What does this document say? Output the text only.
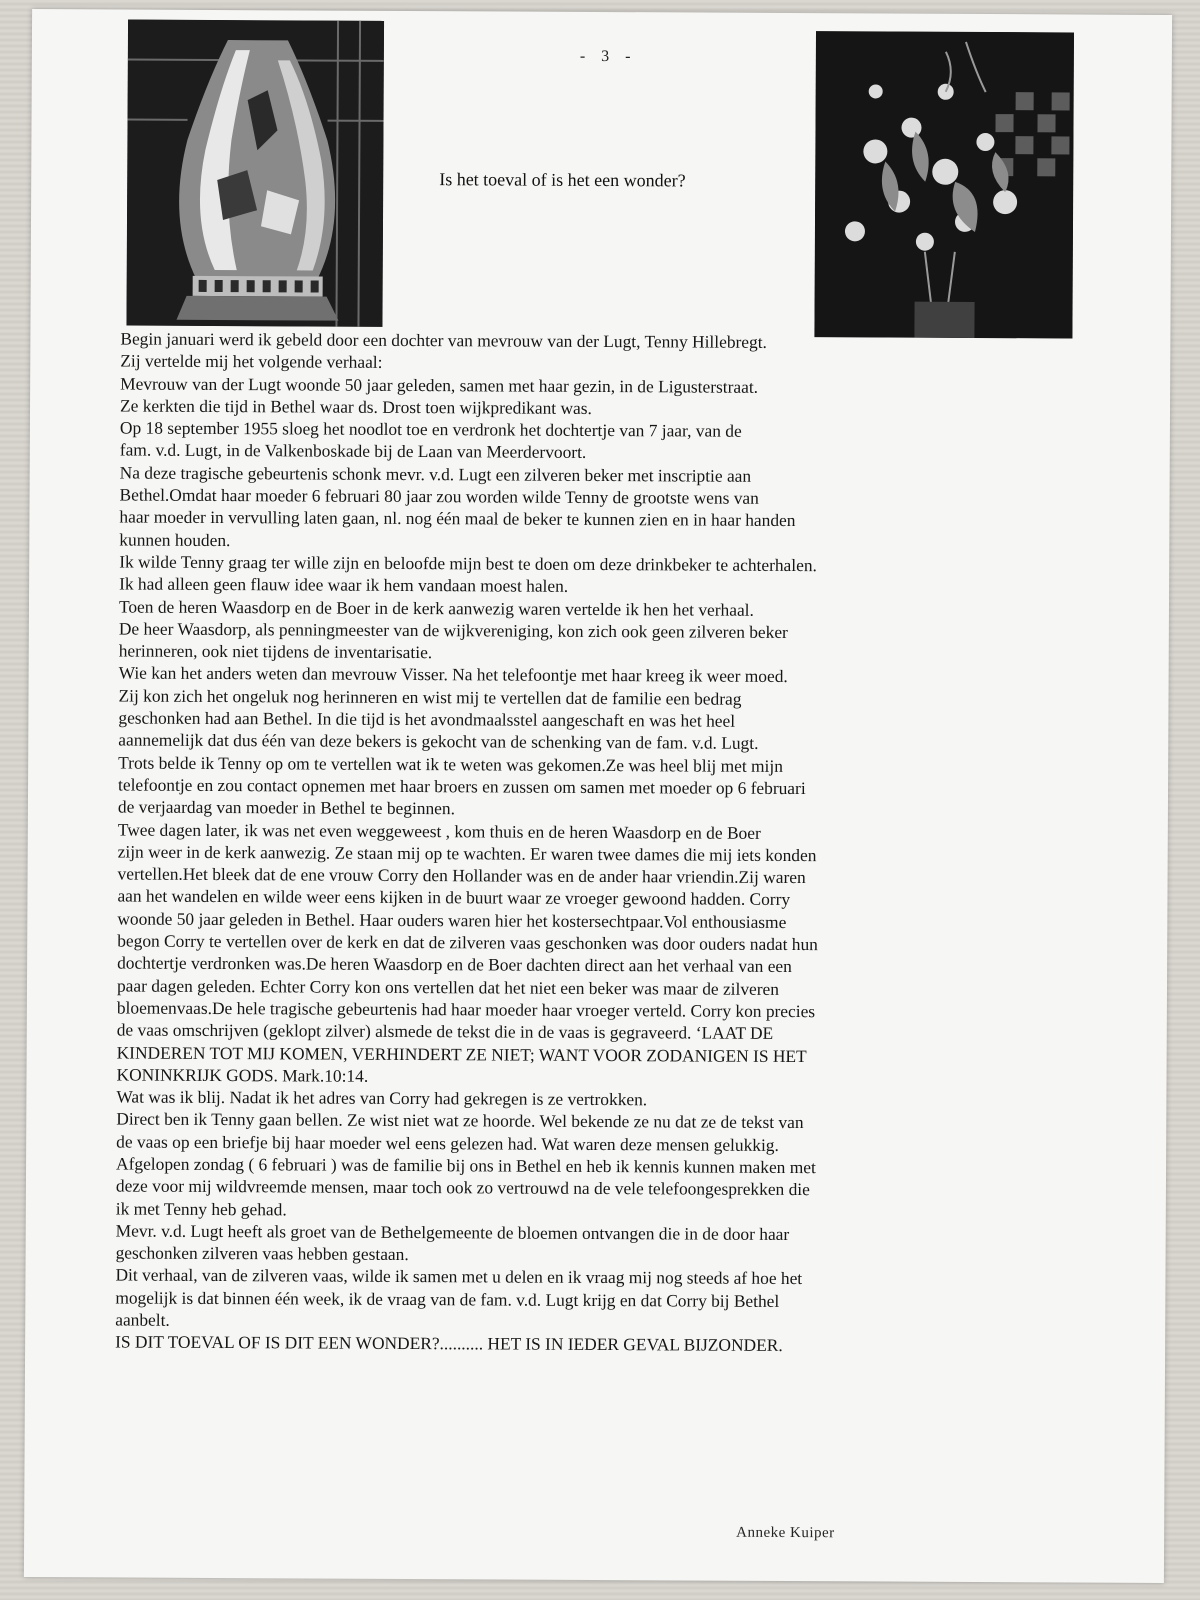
- 3 -
Is het toeval of is het een wonder?
Begin januari werd ik gebeld door een dochter van mevrouw van der Lugt, Tenny Hillebregt.
Zij vertelde mij het volgende verhaal:
Mevrouw van der Lugt woonde 50 jaar geleden, samen met haar gezin, in de Ligusterstraat.
Ze kerkten die tijd in Bethel waar ds. Drost toen wijkpredikant was.
Op 18 september 1955 sloeg het noodlot toe en verdronk het dochtertje van 7 jaar, van de
fam. v.d. Lugt, in de Valkenboskade bij de Laan van Meerdervoort.
Na deze tragische gebeurtenis schonk mevr. v.d. Lugt een zilveren beker met inscriptie aan
Bethel.Omdat haar moeder 6 februari 80 jaar zou worden wilde Tenny de grootste wens van
haar moeder in vervulling laten gaan, nl. nog één maal de beker te kunnen zien en in haar handen
kunnen houden.
Ik wilde Tenny graag ter wille zijn en beloofde mijn best te doen om deze drinkbeker te achterhalen.
Ik had alleen geen flauw idee waar ik hem vandaan moest halen.
Toen de heren Waasdorp en de Boer in de kerk aanwezig waren vertelde ik hen het verhaal.
De heer Waasdorp, als penningmeester van de wijkvereniging, kon zich ook geen zilveren beker
herinneren, ook niet tijdens de inventarisatie.
Wie kan het anders weten dan mevrouw Visser. Na het telefoontje met haar kreeg ik weer moed.
Zij kon zich het ongeluk nog herinneren en wist mij te vertellen dat de familie een bedrag
geschonken had aan Bethel. In die tijd is het avondmaalsstel aangeschaft en was het heel
aannemelijk dat dus één van deze bekers is gekocht van de schenking van de fam. v.d. Lugt.
Trots belde ik Tenny op om te vertellen wat ik te weten was gekomen.Ze was heel blij met mijn
telefoontje en zou contact opnemen met haar broers en zussen om samen met moeder op 6 februari
de verjaardag van moeder in Bethel te beginnen.
Twee dagen later, ik was net even weggeweest , kom thuis en de heren Waasdorp en de Boer
zijn weer in de kerk aanwezig. Ze staan mij op te wachten. Er waren twee dames die mij iets konden
vertellen.Het bleek dat de ene vrouw Corry den Hollander was en de ander haar vriendin.Zij waren
aan het wandelen en wilde weer eens kijken in de buurt waar ze vroeger gewoond hadden. Corry
woonde 50 jaar geleden in Bethel. Haar ouders waren hier het kostersechtpaar.Vol enthousiasme
begon Corry te vertellen over de kerk en dat de zilveren vaas geschonken was door ouders nadat hun
dochtertje verdronken was.De heren Waasdorp en de Boer dachten direct aan het verhaal van een
paar dagen geleden. Echter Corry kon ons vertellen dat het niet een beker was maar de zilveren
bloemenvaas.De hele tragische gebeurtenis had haar moeder haar vroeger verteld. Corry kon precies
de vaas omschrijven (geklopt zilver) alsmede de tekst die in de vaas is gegraveerd. ‘LAAT DE
KINDEREN TOT MIJ KOMEN, VERHINDERT ZE NIET; WANT VOOR ZODANIGEN IS HET
KONINKRIJK GODS. Mark.10:14.
Wat was ik blij. Nadat ik het adres van Corry had gekregen is ze vertrokken.
Direct ben ik Tenny gaan bellen. Ze wist niet wat ze hoorde. Wel bekende ze nu dat ze de tekst van
de vaas op een briefje bij haar moeder wel eens gelezen had. Wat waren deze mensen gelukkig.
Afgelopen zondag ( 6 februari ) was de familie bij ons in Bethel en heb ik kennis kunnen maken met
deze voor mij wildvreemde mensen, maar toch ook zo vertrouwd na de vele telefoongesprekken die
ik met Tenny heb gehad.
Mevr. v.d. Lugt heeft als groet van de Bethelgemeente de bloemen ontvangen die in de door haar
geschonken zilveren vaas hebben gestaan.
Dit verhaal, van de zilveren vaas, wilde ik samen met u delen en ik vraag mij nog steeds af hoe het
mogelijk is dat binnen één week, ik de vraag van de fam. v.d. Lugt krijg en dat Corry bij Bethel
aanbelt.
IS DIT TOEVAL OF IS DIT EEN WONDER?.......... HET IS IN IEDER GEVAL BIJZONDER.
Anneke Kuiper
